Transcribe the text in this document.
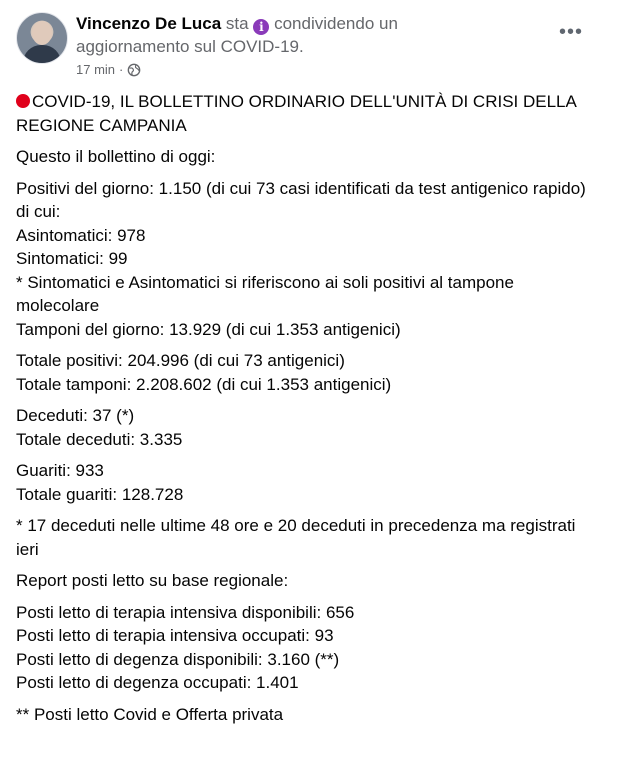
Vincenzo De Luca sta i condividendo un aggiornamento sul COVID-19.
17 min ·
•••

COVID-19, IL BOLLETTINO ORDINARIO DELL'UNITÀ DI CRISI DELLA REGIONE CAMPANIA

Questo il bollettino di oggi:

Positivi del giorno: 1.150 (di cui 73 casi identificati da test antigenico rapido)
di cui:
Asintomatici: 978
Sintomatici: 99
* Sintomatici e Asintomatici si riferiscono ai soli positivi al tampone molecolare
Tamponi del giorno: 13.929 (di cui 1.353 antigenici)

Totale positivi: 204.996 (di cui 73 antigenici)
Totale tamponi: 2.208.602 (di cui 1.353 antigenici)

Deceduti: 37 (*)
Totale deceduti: 3.335

Guariti: 933
Totale guariti: 128.728

* 17 deceduti nelle ultime 48 ore e 20 deceduti in precedenza ma registrati ieri

Report posti letto su base regionale:

Posti letto di terapia intensiva disponibili: 656
Posti letto di terapia intensiva occupati: 93
Posti letto di degenza disponibili: 3.160 (**)
Posti letto di degenza occupati: 1.401

** Posti letto Covid e Offerta privata
